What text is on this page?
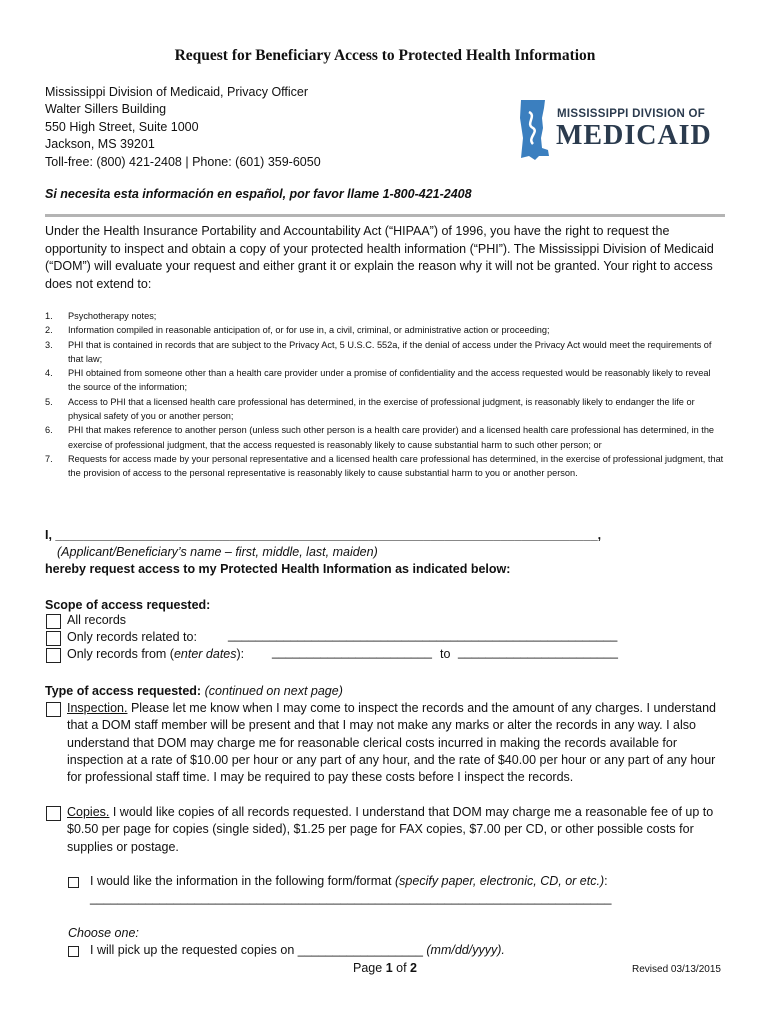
Request for Beneficiary Access to Protected Health Information
Mississippi Division of Medicaid, Privacy Officer
Walter Sillers Building
550 High Street, Suite 1000
Jackson, MS 39201
Toll-free: (800) 421-2408 | Phone: (601) 359-6050
MISSISSIPPI DIVISION OF
MEDICAID
Si necesita esta información en español, por favor llame 1-800-421-2408
Under the Health Insurance Portability and Accountability Act (“HIPAA”) of 1996, you have the right to request the opportunity to inspect and obtain a copy of your protected health information (“PHI”). The Mississippi Division of Medicaid (“DOM”) will evaluate your request and either grant it or explain the reason why it will not be granted. Your right to access does not extend to:
1.	Psychotherapy notes;
2.	Information compiled in reasonable anticipation of, or for use in, a civil, criminal, or administrative action or proceeding;
3.	PHI that is contained in records that are subject to the Privacy Act, 5 U.S.C. 552a, if the denial of access under the Privacy Act would meet the requirements of that law;
4.	PHI obtained from someone other than a health care provider under a promise of confidentiality and the access requested would be reasonably likely to reveal the source of the information;
5.	Access to PHI that a licensed health care professional has determined, in the exercise of professional judgment, is reasonably likely to endanger the life or physical safety of you or another person;
6.	PHI that makes reference to another person (unless such other person is a health care provider) and a licensed health care professional has determined, in the exercise of professional judgment, that the access requested is reasonably likely to cause substantial harm to such other person; or
7.	Requests for access made by your personal representative and a licensed health care professional has determined, in the exercise of professional judgment, that the provision of access to the personal representative is reasonably likely to cause substantial harm to you or another person.
I, ______________________________________________________________________________,
(Applicant/Beneficiary’s name – first, middle, last, maiden)
hereby request access to my Protected Health Information as indicated below:
Scope of access requested:
All records
Only records related to: ________________________________________________________
Only records from (enter dates): _______________________ to _______________________
Type of access requested: (continued on next page)
Inspection. Please let me know when I may come to inspect the records and the amount of any charges. I understand that a DOM staff member will be present and that I may not make any marks or alter the records in any way. I also understand that DOM may charge me for reasonable clerical costs incurred in making the records available for inspection at a rate of $10.00 per hour or any part of any hour, and the rate of $40.00 per hour or any part of any hour for professional staff time. I may be required to pay these costs before I inspect the records.
Copies. I would like copies of all records requested. I understand that DOM may charge me a reasonable fee of up to $0.50 per page for copies (single sided), $1.25 per page for FAX copies, $7.00 per CD, or other possible costs for supplies or postage.
I would like the information in the following form/format (specify paper, electronic, CD, or etc.):
___________________________________________________________________________
Choose one:
I will pick up the requested copies on __________________ (mm/dd/yyyy).
Page 1 of 2	Revised 03/13/2015
